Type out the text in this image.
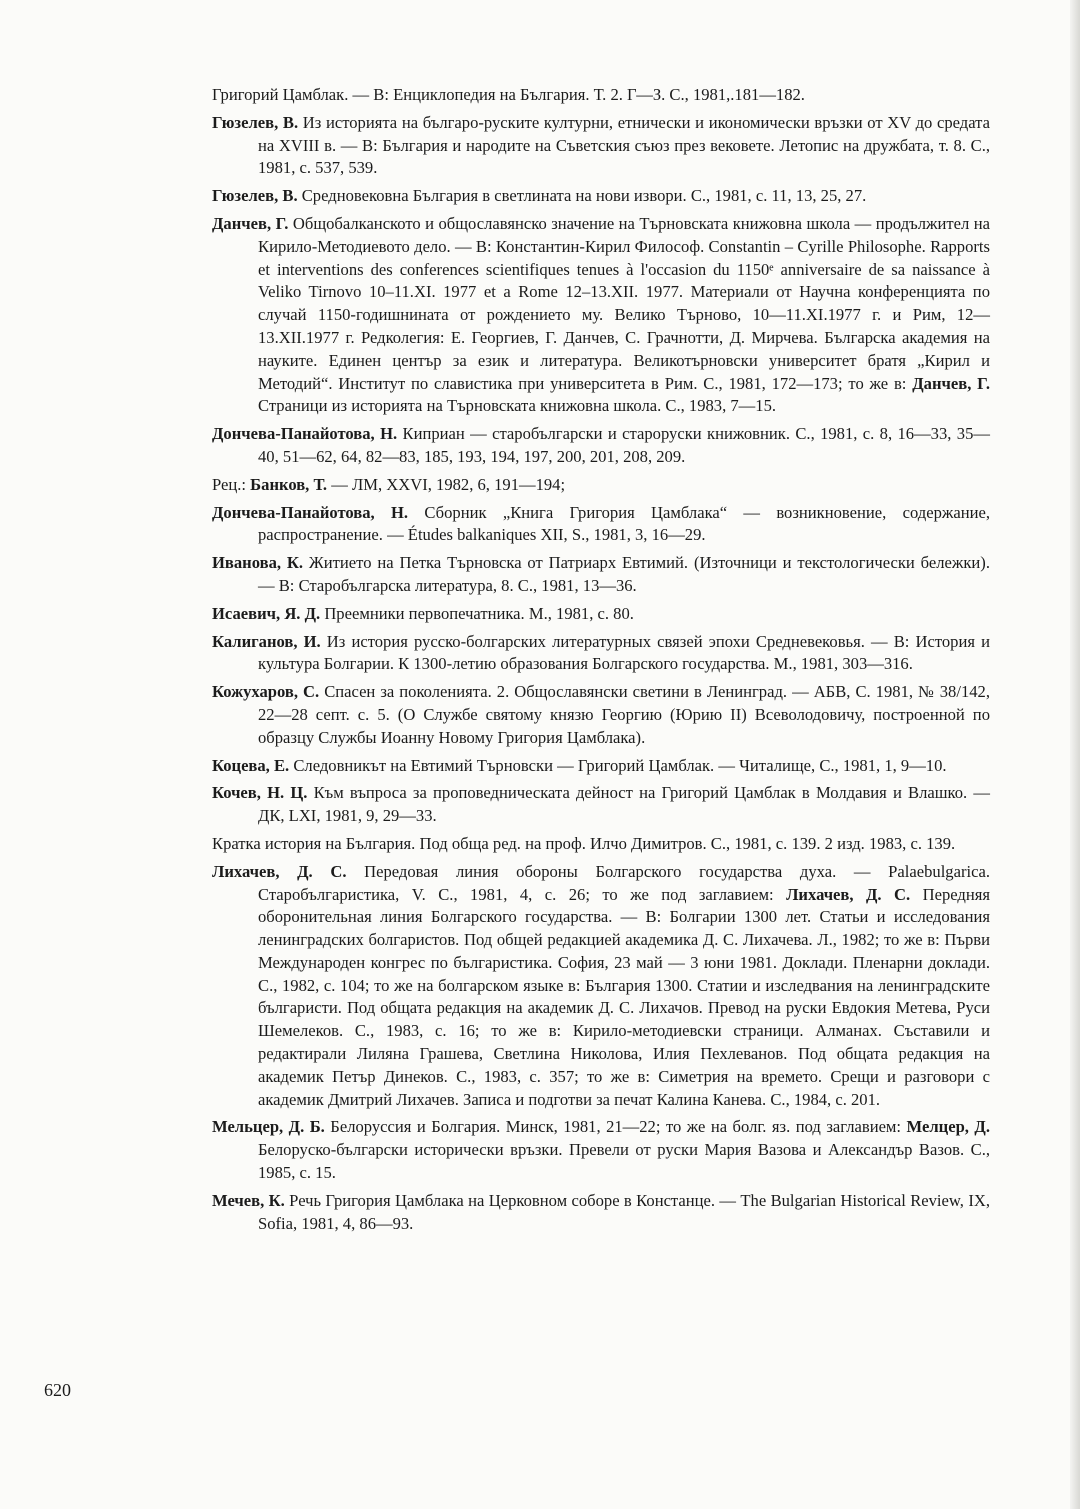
Григорий Цамблак. — В: Енциклопедия на България. Т. 2. Г—З. С., 1981,.181—182.

Гюзелев, В. Из историята на българо-руските културни, етнически и икономически връзки от XV до средата на XVIII в. — В: България и народите на Съветския съюз през вековете. Летопис на дружбата, т. 8. С., 1981, с. 537, 539.

Гюзелев, В. Средновековна България в светлината на нови извори. С., 1981, с. 11, 13, 25, 27.

Данчев, Г. Общобалканското и общославянско значение на Търновската книжовна школа — продължител на Кирило-Методиевото дело. — В: Константин-Кирил Философ. Constantin – Cyrille Philosophe. Rapports et interventions des conferences scientifiques tenues à l'occasion du 1150ᵉ anniversaire de sa naissance à Veliko Tirnovo 10–11.XI. 1977 et a Rome 12–13.XII. 1977. Материали от Научна конференцията по случай 1150-годишнината от рождението му. Велико Търново, 10—11.XI.1977 г. и Рим, 12—13.XII.1977 г. Редколегия: Е. Георгиев, Г. Данчев, С. Грачнотти, Д. Мирчева. Българска академия на науките. Единен център за език и литература. Великотърновски университет братя „Кирил и Методий“. Институт по славистика при университета в Рим. С., 1981, 172—173; то же в: Данчев, Г. Страници из историята на Търновската книжовна школа. С., 1983, 7—15.

Дончева-Панайотова, Н. Киприан — старобългарски и староруски книжовник. С., 1981, с. 8, 16—33, 35—40, 51—62, 64, 82—83, 185, 193, 194, 197, 200, 201, 208, 209.

Рец.: Банков, Т. — ЛМ, XXVI, 1982, 6, 191—194;

Дончева-Панайотова, Н. Сборник „Книга Григория Цамблака“ — возникновение, содержание, распространение. — Études balkaniques XII, S., 1981, 3, 16—29.

Иванова, К. Житието на Петка Търновска от Патриарх Евтимий. (Източници и текстологически бележки). — В: Старобългарска литература, 8. С., 1981, 13—36.

Исаевич, Я. Д. Преемники первопечатника. М., 1981, с. 80.

Калиганов, И. Из история русско-болгарских литературных связей эпохи Средневековья. — В: История и культура Болгарии. К 1300-летию образования Болгарского государства. М., 1981, 303—316.

Кожухаров, С. Спасен за поколенията. 2. Общославянски светини в Ленинград. — АБВ, С. 1981, № 38/142, 22—28 септ. с. 5. (О Службе святому князю Георгию (Юрию II) Всеволодовичу, построенной по образцу Службы Иоанну Новому Григория Цамблака).

Коцева, Е. Следовникът на Евтимий Търновски — Григорий Цамблак. — Читалище, С., 1981, 1, 9—10.

Кочев, Н. Ц. Към въпроса за проповедническата дейност на Григорий Цамблак в Молдавия и Влашко. — ДК, LXI, 1981, 9, 29—33.

Кратка история на България. Под обща ред. на проф. Илчо Димитров. С., 1981, с. 139. 2 изд. 1983, с. 139.

Лихачев, Д. С. Передовая линия обороны Болгарского государства духа. — Palaebulgarica. Старобългаристика, V. С., 1981, 4, с. 26; то же под заглавием: Лихачев, Д. С. Передняя оборонительная линия Болгарского государства. — В: Болгарии 1300 лет. Статьи и исследования ленинградских болгаристов. Под общей редакцией академика Д. С. Лихачева. Л., 1982; то же в: Първи Международен конгрес по българистика. София, 23 май — 3 юни 1981. Доклади. Пленарни доклади. С., 1982, с. 104; то же на болгарском языке в: България 1300. Статии и изследвания на ленинградските българисти. Под общата редакция на академик Д. С. Лихачов. Превод на руски Евдокия Метева, Руси Шемелеков. С., 1983, с. 16; то же в: Кирило-методиевски страници. Алманах. Съставили и редактирали Лиляна Грашева, Светлина Николова, Илия Пехлеванов. Под общата редакция на академик Петър Динеков. С., 1983, с. 357; то же в: Симетрия на времето. Срещи и разговори с академик Дмитрий Лихачев. Записа и подготви за печат Калина Канева. С., 1984, с. 201.

Мельцер, Д. Б. Белоруссия и Болгария. Минск, 1981, 21—22; то же на болг. яз. под заглавием: Мелцер, Д. Белоруско-български исторически връзки. Превели от руски Мария Вазова и Александър Вазов. С., 1985, с. 15.

Мечев, К. Речь Григория Цамблака на Церковном соборе в Констанце. — The Bulgarian Historical Review, IX, Sofia, 1981, 4, 86—93.

620
